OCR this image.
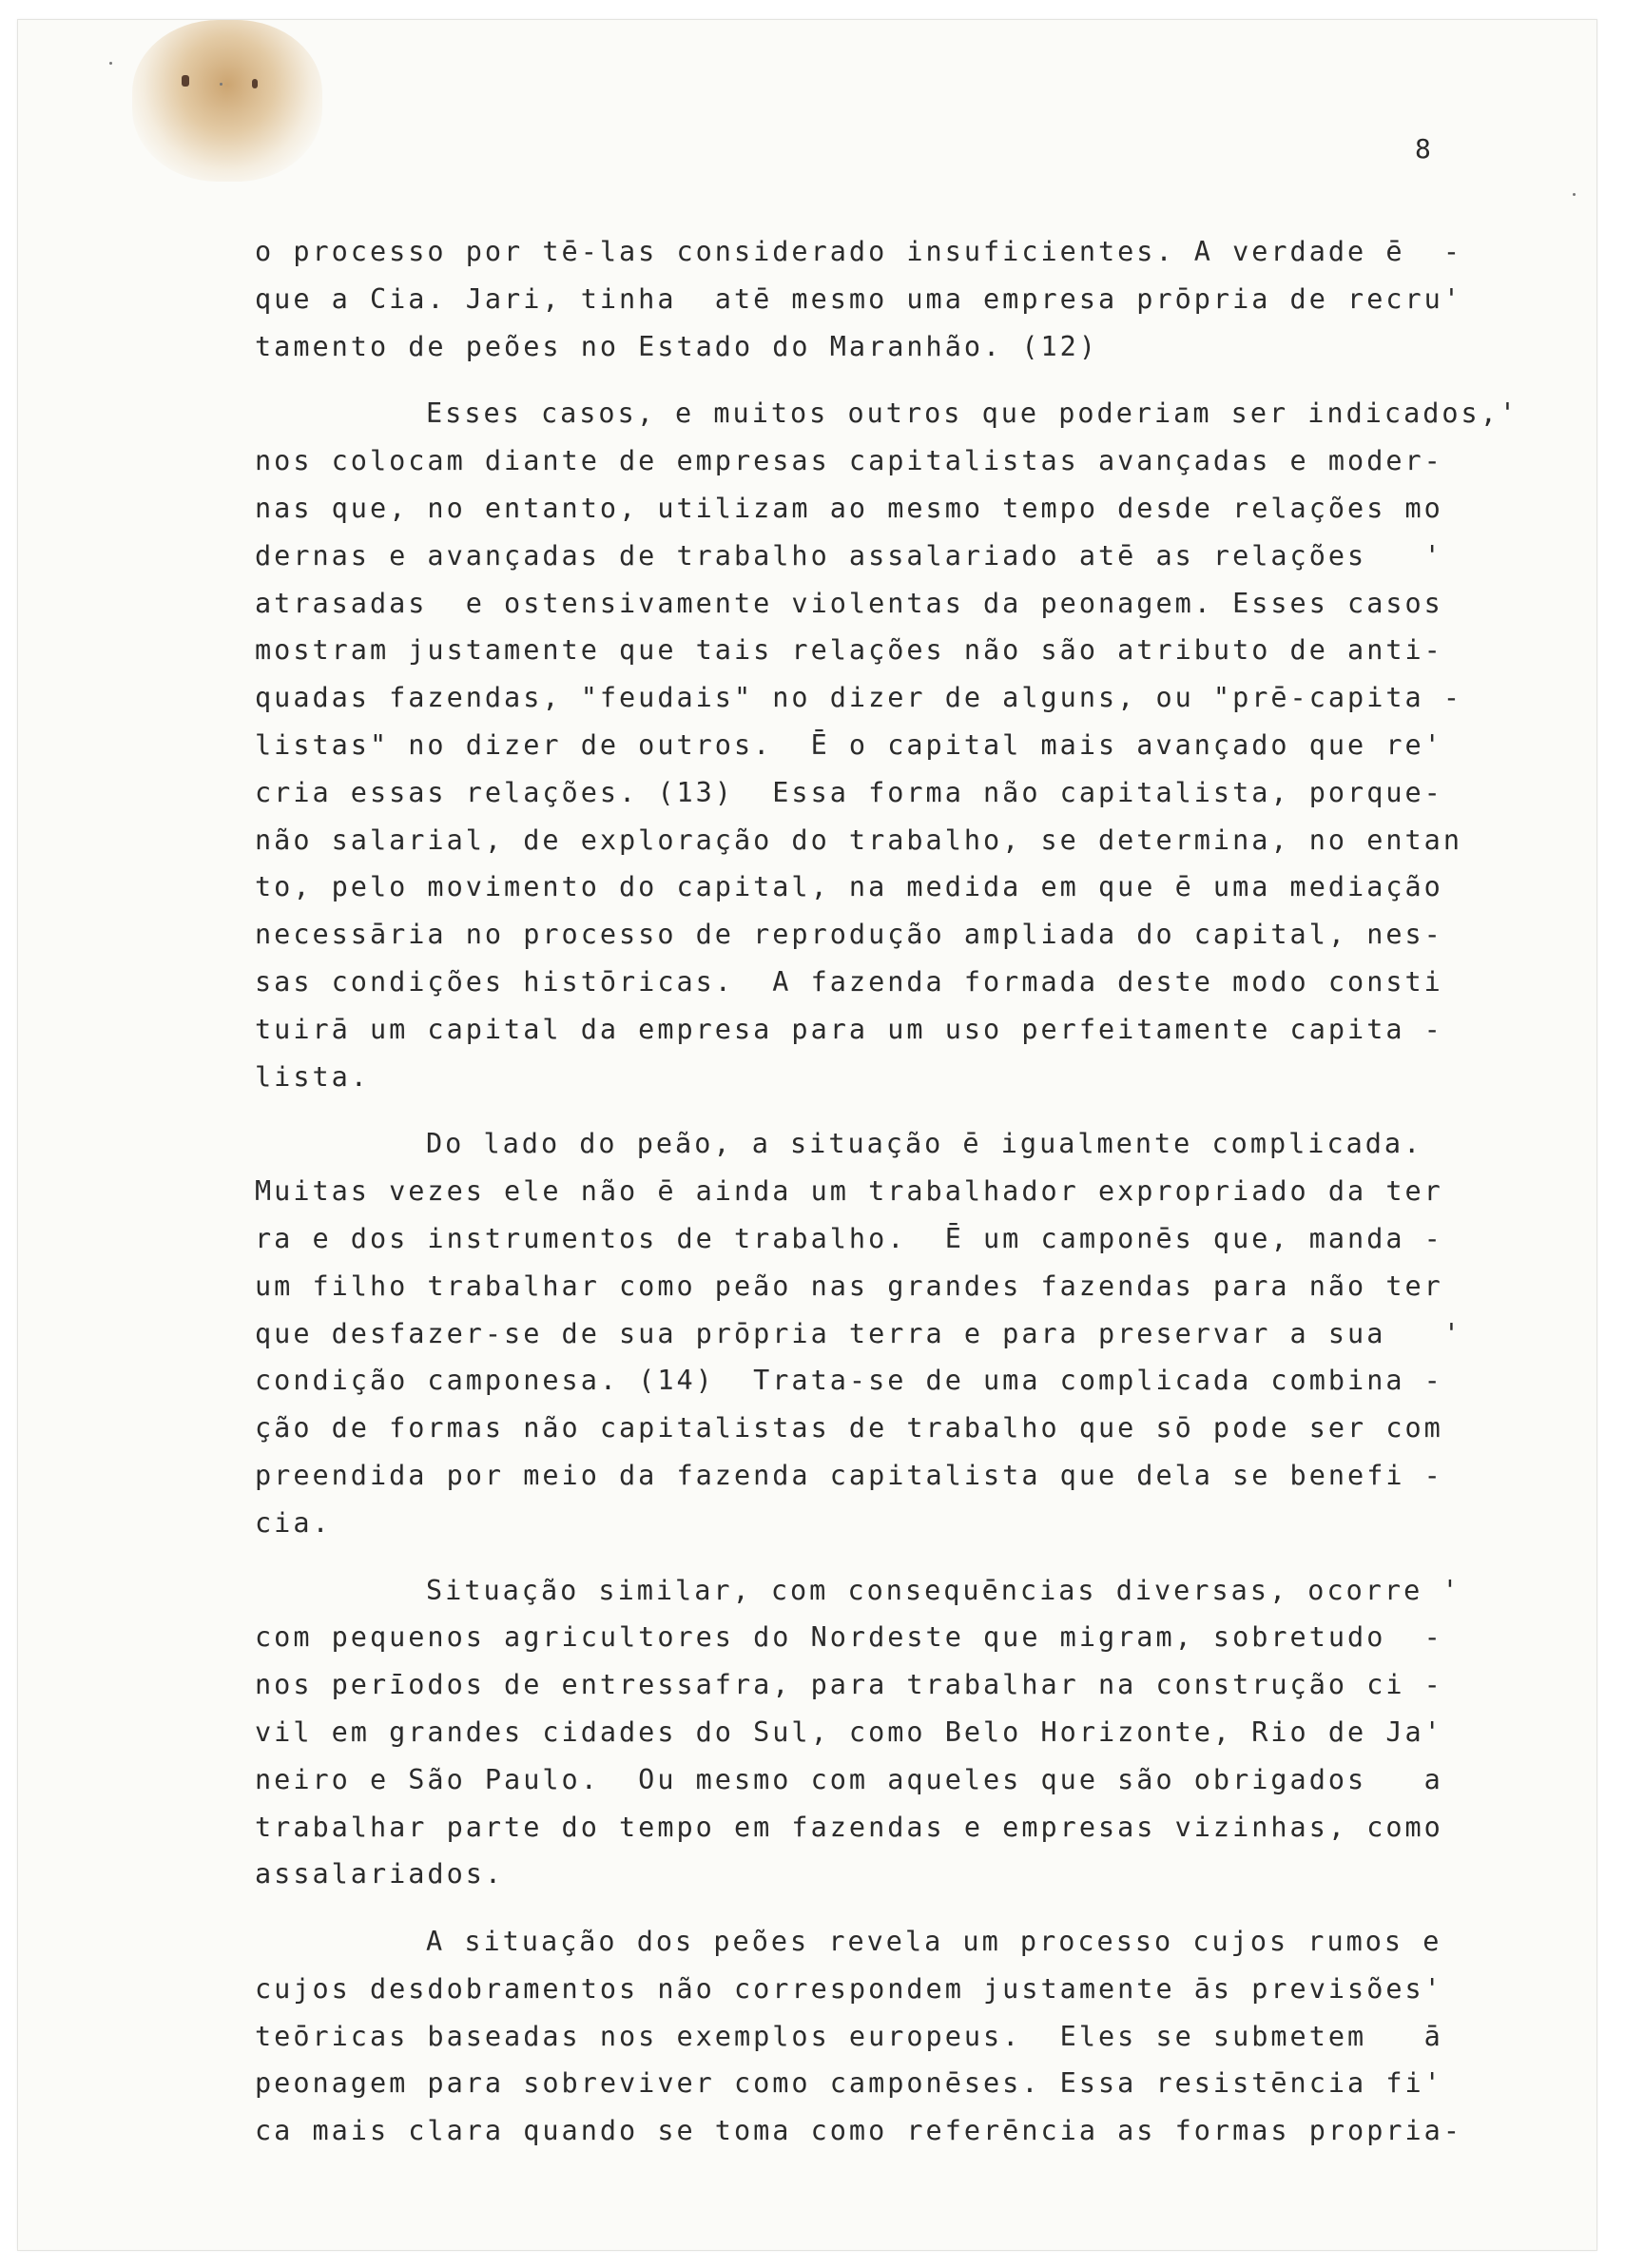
8
o processo por tē-las considerado insuficientes. A verdade ē  -
que a Cia. Jari, tinha  atē mesmo uma empresa prōpria de recru'
tamento de peões no Estado do Maranhão. (12)
Esses casos, e muitos outros que poderiam ser indicados,'
nos colocam diante de empresas capitalistas avançadas e moder-
nas que, no entanto, utilizam ao mesmo tempo desde relações mo
dernas e avançadas de trabalho assalariado atē as relações   '
atrasadas  e ostensivamente violentas da peonagem. Esses casos
mostram justamente que tais relações não são atributo de anti-
quadas fazendas, "feudais" no dizer de alguns, ou "prē-capita -
listas" no dizer de outros.  Ē o capital mais avançado que re'
cria essas relações. (13)  Essa forma não capitalista, porque-
não salarial, de exploração do trabalho, se determina, no entan
to, pelo movimento do capital, na medida em que ē uma mediação
necessāria no processo de reprodução ampliada do capital, nes-
sas condições histōricas.  A fazenda formada deste modo consti
tuirā um capital da empresa para um uso perfeitamente capita -
lista.
Do lado do peão, a situação ē igualmente complicada.
Muitas vezes ele não ē ainda um trabalhador expropriado da ter
ra e dos instrumentos de trabalho.  Ē um camponēs que, manda -
um filho trabalhar como peão nas grandes fazendas para não ter
que desfazer-se de sua prōpria terra e para preservar a sua   '
condição camponesa. (14)  Trata-se de uma complicada combina -
ção de formas não capitalistas de trabalho que sō pode ser com
preendida por meio da fazenda capitalista que dela se benefi -
cia.
Situação similar, com consequēncias diversas, ocorre '
com pequenos agricultores do Nordeste que migram, sobretudo  -
nos perīodos de entressafra, para trabalhar na construção ci -
vil em grandes cidades do Sul, como Belo Horizonte, Rio de Ja'
neiro e São Paulo.  Ou mesmo com aqueles que são obrigados   a
trabalhar parte do tempo em fazendas e empresas vizinhas, como
assalariados.
A situação dos peões revela um processo cujos rumos e
cujos desdobramentos não correspondem justamente ās previsões'
teōricas baseadas nos exemplos europeus.  Eles se submetem   ā
peonagem para sobreviver como camponēses. Essa resistēncia fi'
ca mais clara quando se toma como referēncia as formas propria-
